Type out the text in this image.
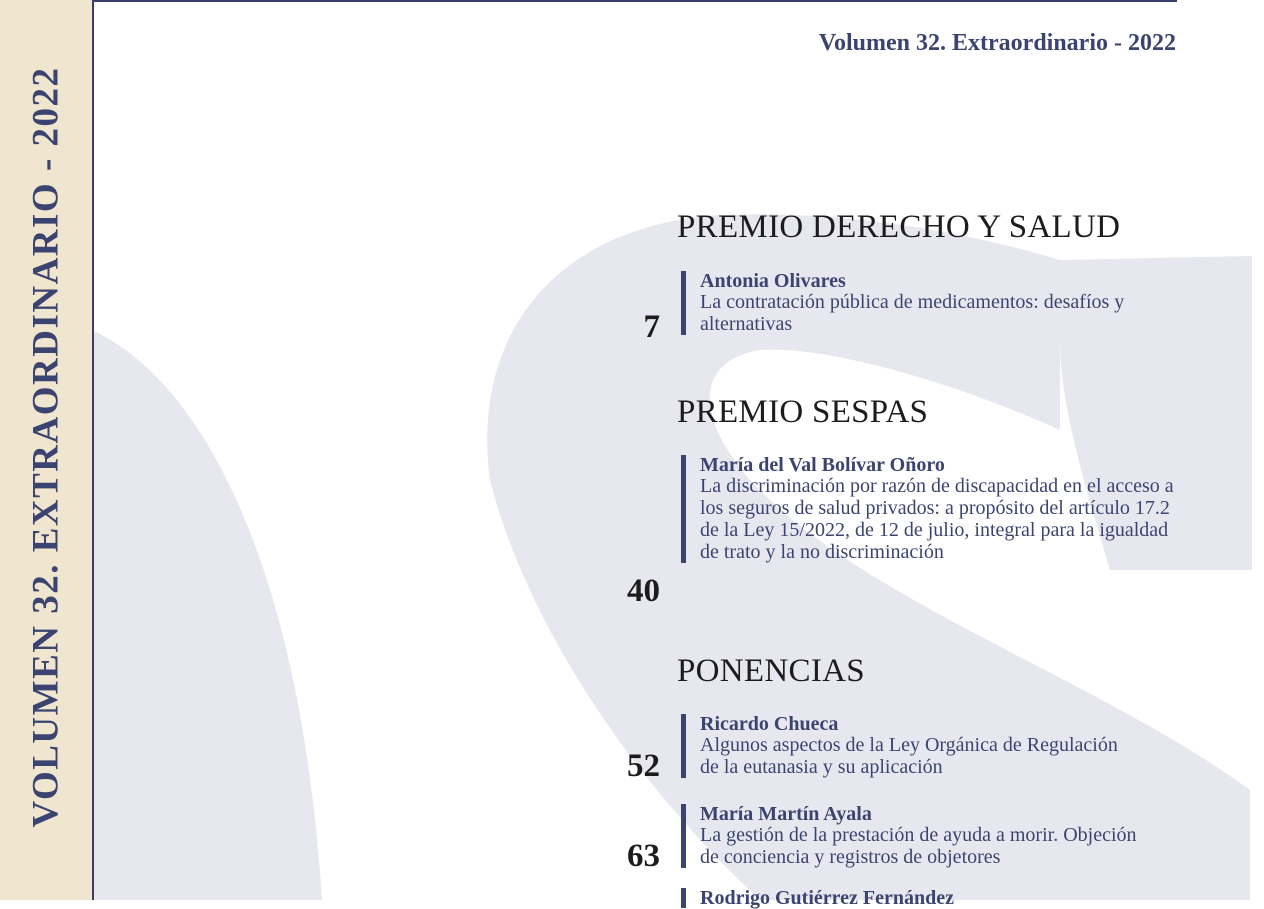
VOLUMEN 32. EXTRAORDINARIO - 2022
Volumen 32. Extraordinario - 2022
PREMIO DERECHO Y SALUD
7
Antonia Olivares
La contratación pública de medicamentos: desafíos y alternativas
PREMIO SESPAS
40
María del Val Bolívar Oñoro
La discriminación por razón de discapacidad en el acceso a los seguros de salud privados: a propósito del artículo 17.2 de la Ley 15/2022, de 12 de julio, integral para la igualdad de trato y la no discriminación
PONENCIAS
52
Ricardo Chueca
Algunos aspectos de la Ley Orgánica de Regulación de la eutanasia y su aplicación
63
María Martín Ayala
La gestión de la prestación de ayuda a morir. Objeción de conciencia y registros de objetores
Rodrigo Gutiérrez Fernández
